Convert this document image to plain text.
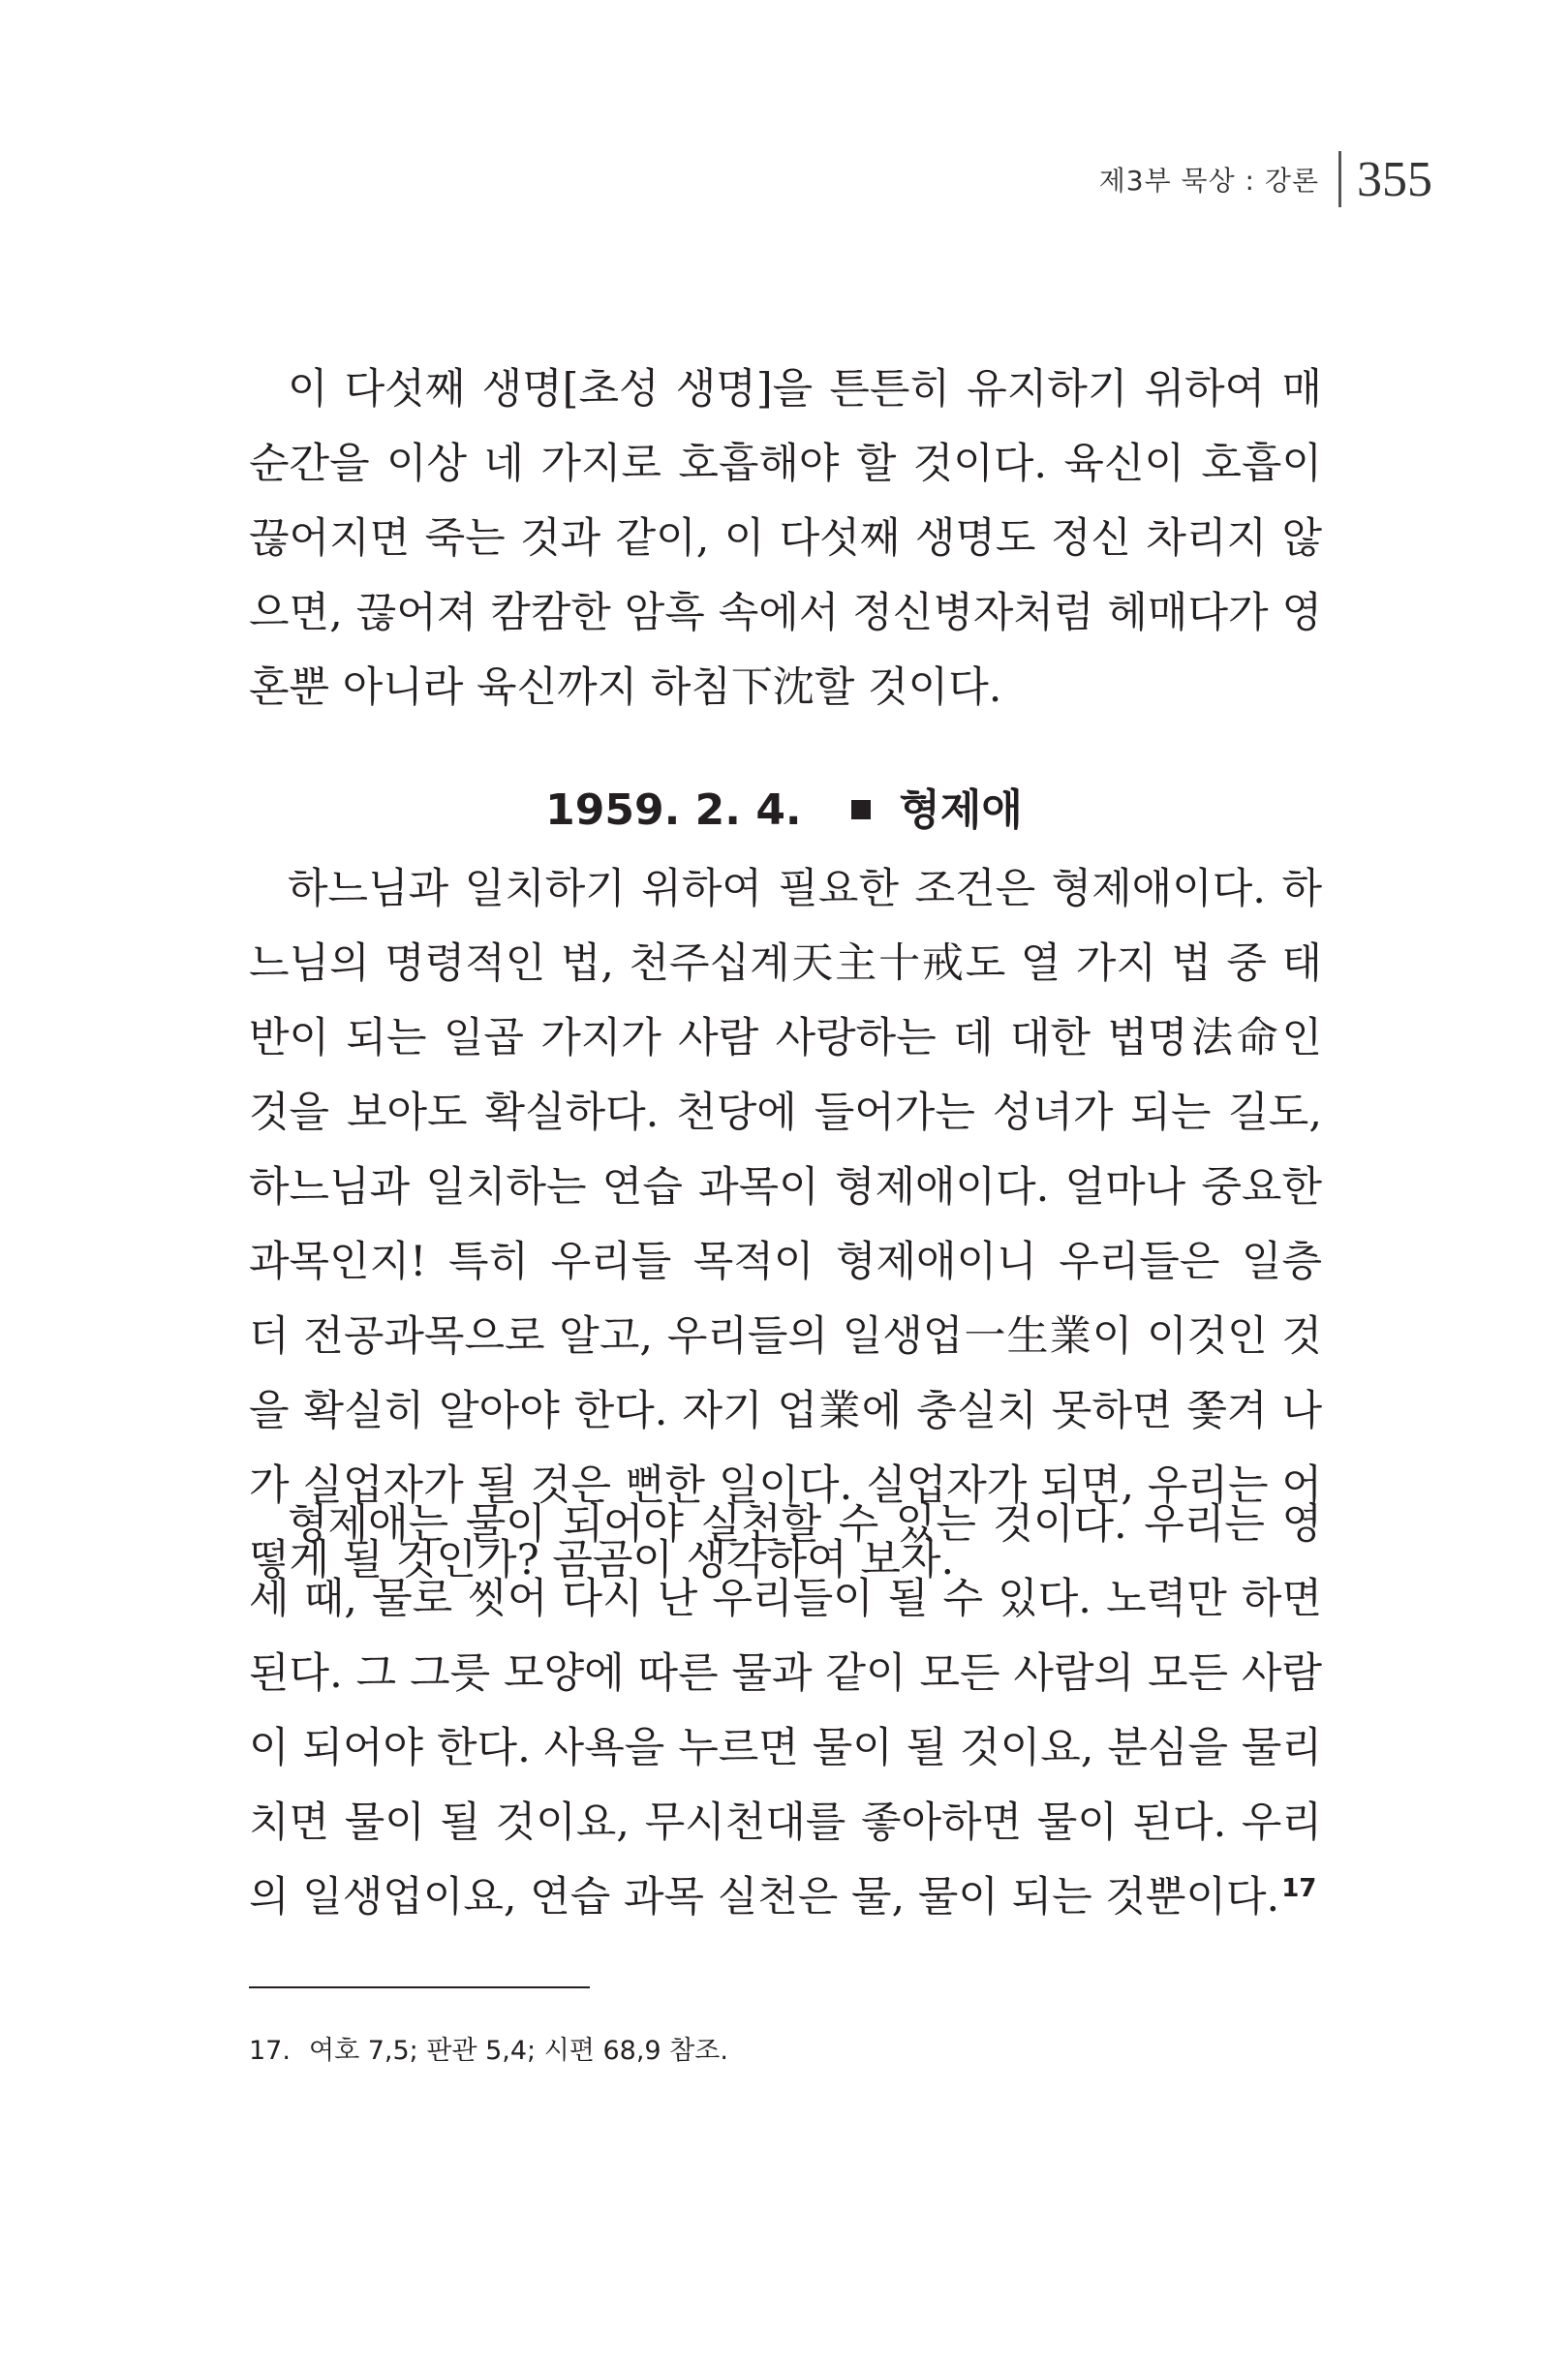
제3부 묵상 : 강론 355

이 다섯째 생명[초성 생명]을 튼튼히 유지하기 위하여 매 순간을 이상 네 가지로 호흡해야 할 것이다. 육신이 호흡이 끊어지면 죽는 것과 같이, 이 다섯째 생명도 정신 차리지 않으면, 끊어져 캄캄한 암흑 속에서 정신병자처럼 헤매다가 영혼뿐 아니라 육신까지 하침下沈할 것이다.

1959. 2. 4. 형제애

하느님과 일치하기 위하여 필요한 조건은 형제애이다. 하느님의 명령적인 법, 천주십계天主十戒도 열 가지 법 중 태반이 되는 일곱 가지가 사람 사랑하는 데 대한 법명法命인 것을 보아도 확실하다. 천당에 들어가는 성녀가 되는 길도, 하느님과 일치하는 연습 과목이 형제애이다. 얼마나 중요한 과목인지! 특히 우리들 목적이 형제애이니 우리들은 일층 더 전공과목으로 알고, 우리들의 일생업一生業이 이것인 것을 확실히 알아야 한다. 자기 업業에 충실치 못하면 쫓겨 나가 실업자가 될 것은 뻔한 일이다. 실업자가 되면, 우리는 어떻게 될 것인가? 곰곰이 생각하여 보자.

형제애는 물이 되어야 실천할 수 있는 것이다. 우리는 영세 때, 물로 씻어 다시 난 우리들이 될 수 있다. 노력만 하면 된다. 그 그릇 모양에 따른 물과 같이 모든 사람의 모든 사람이 되어야 한다. 사욕을 누르면 물이 될 것이요, 분심을 물리치면 물이 될 것이요, 무시천대를 좋아하면 물이 된다. 우리의 일생업이요, 연습 과목 실천은 물, 물이 되는 것뿐이다.$^{17}$

17. 여호 7,5; 판관 5,4; 시편 68,9 참조.
